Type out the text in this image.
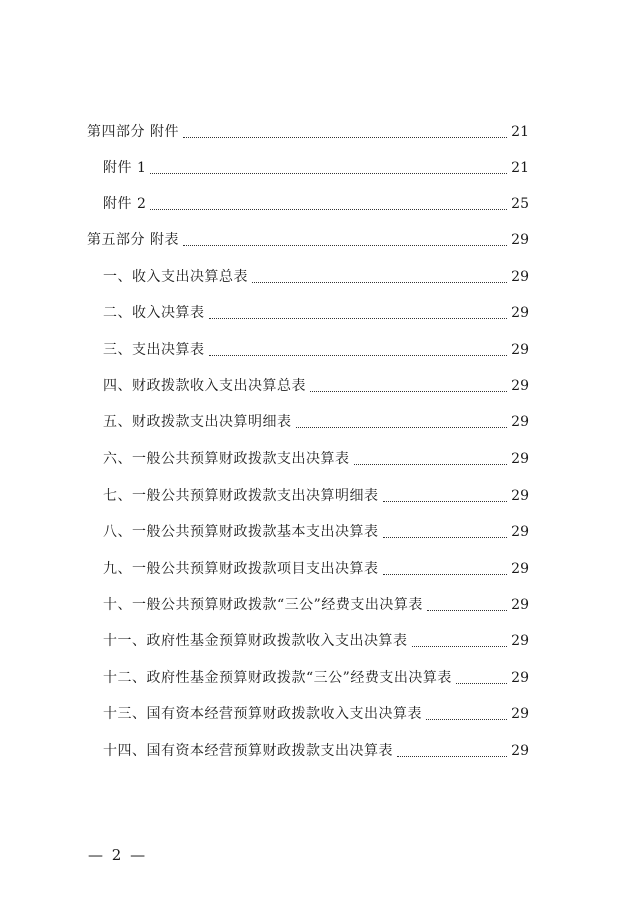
第四部分 附件	21
附件 1	21
附件 2	25
第五部分 附表	29
一、收入支出决算总表	29
二、收入决算表	29
三、支出决算表	29
四、财政拨款收入支出决算总表	29
五、财政拨款支出决算明细表	29
六、一般公共预算财政拨款支出决算表	29
七、一般公共预算财政拨款支出决算明细表	29
八、一般公共预算财政拨款基本支出决算表	29
九、一般公共预算财政拨款项目支出决算表	29
十、一般公共预算财政拨款“三公”经费支出决算表	29
十一、政府性基金预算财政拨款收入支出决算表	29
十二、政府性基金预算财政拨款“三公”经费支出决算表	29
十三、国有资本经营预算财政拨款收入支出决算表	29
十四、国有资本经营预算财政拨款支出决算表	29
— 2 —
